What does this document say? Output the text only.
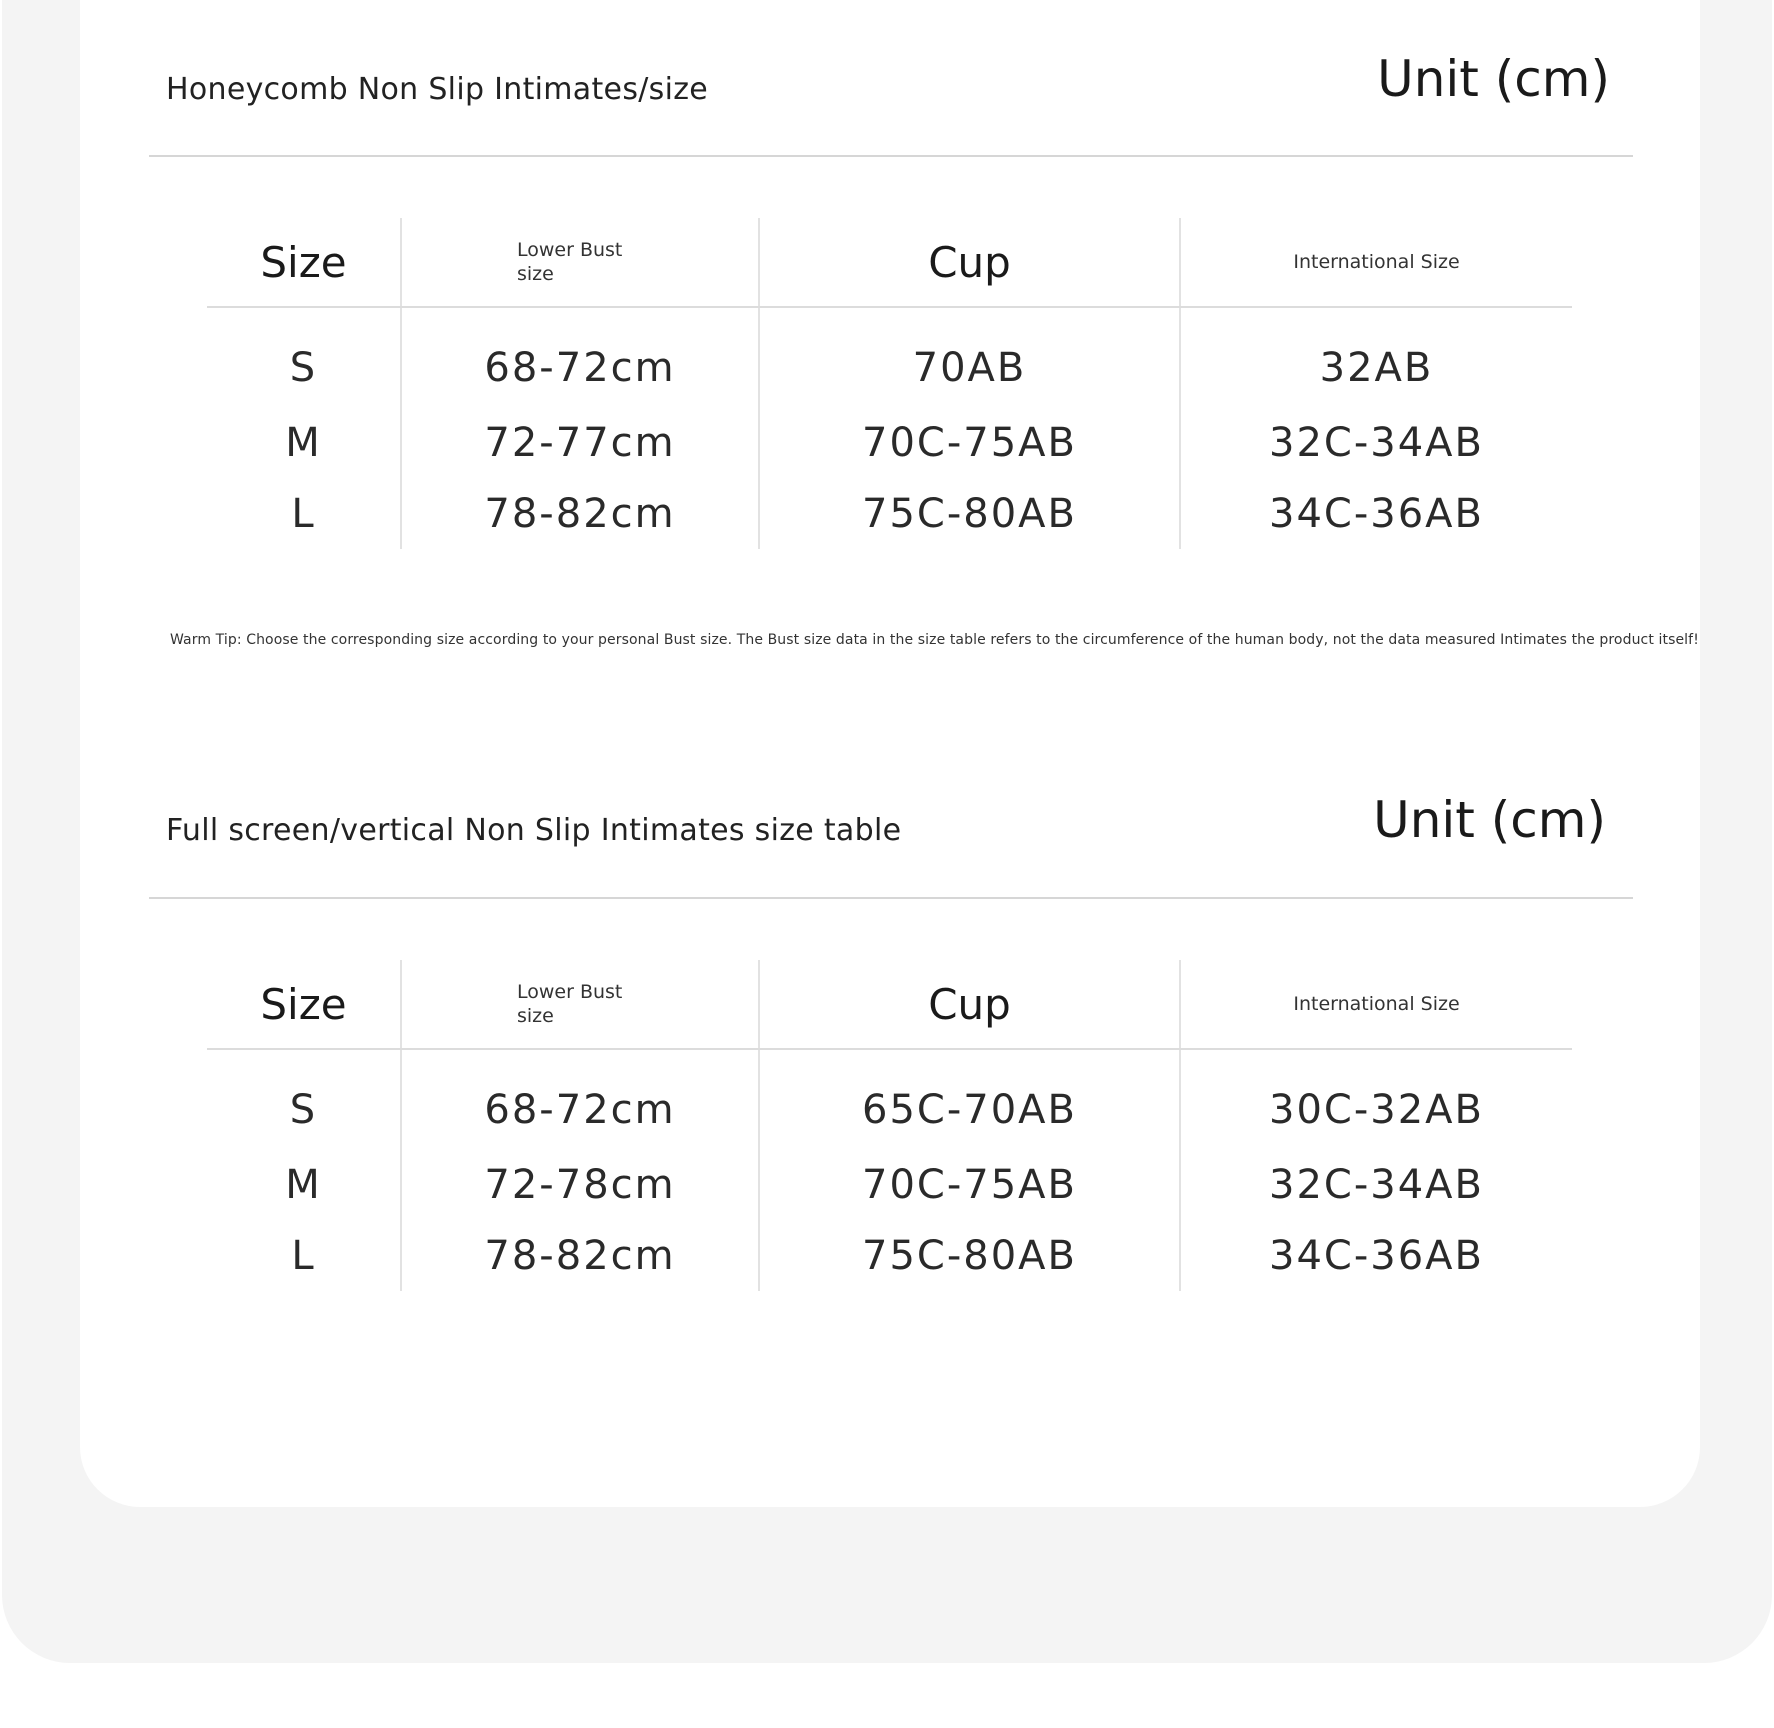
Honeycomb Non Slip Intimates/size	Unit (cm)
Size	Lower Bust size	Cup	International Size
S	68-72cm	70AB	32AB
M	72-77cm	70C-75AB	32C-34AB
L	78-82cm	75C-80AB	34C-36AB
Warm Tip: Choose the corresponding size according to your personal Bust size. The Bust size data in the size table refers to the circumference of the human body, not the data measured Intimates the product itself!
Full screen/vertical Non Slip Intimates size table	Unit (cm)
Size	Lower Bust size	Cup	International Size
S	68-72cm	65C-70AB	30C-32AB
M	72-78cm	70C-75AB	32C-34AB
L	78-82cm	75C-80AB	34C-36AB
